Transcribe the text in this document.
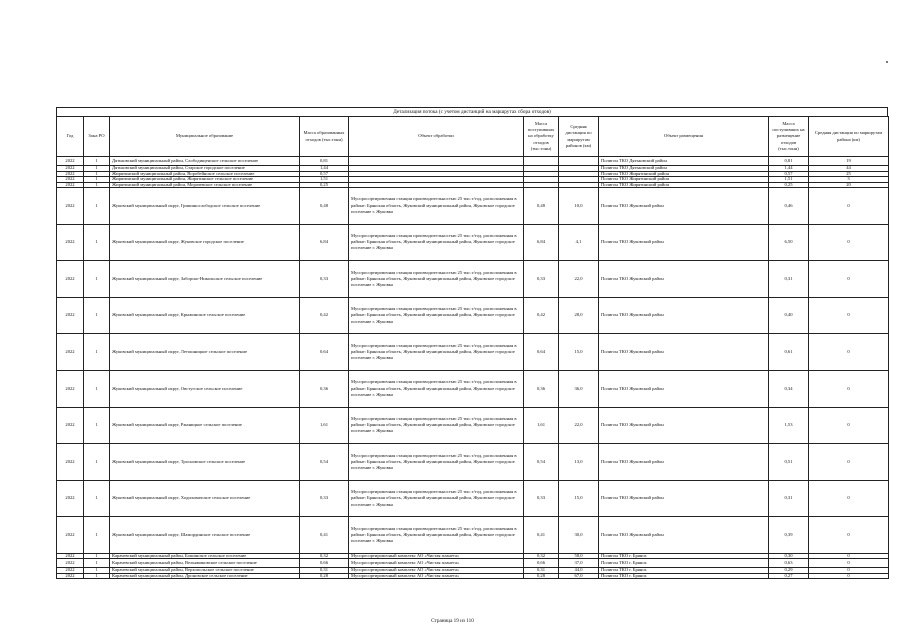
Детализация потока (с учетом дистанций на маршрутах сбора отходов)
Год	Зона РО	Муниципальное образование	Масса образованных отходов (тыс.тонн)	Объект обработки	Масса поступивших на обработку отходов (тыс.тонн)	Средняя дистанция по маршрутам районов (км)	Объект размещения	Масса поступивших на размещение отходов (тыс.тонн)	Средняя дистанция по маршрутам района (км)
2022	1	Дятьковский муниципальный район, Слободищенское сельское поселение	0,81				Полигон ТКО Дятьковский район	0,81	19
2022	1	Дятьковский муниципальный район, Старское городское поселение	1,44				Полигон ТКО Дятьковский район	1,44	44
2022	1	Жирятинский муниципальный район, Воробейнское сельское поселение	0,57				Полигон ТКО Жирятинский район	0,57	25
2022	1	Жирятинский муниципальный район, Жирятинское сельское поселение	1,51				Полигон ТКО Жирятинский район	1,51	3
2022	1	Жирятинский муниципальный район, Морачевское сельское поселение	0,25				Полигон ТКО Жирятинский район	0,25	20
2022	1	Жуковский муниципальный округ, Гришинослободское сельское поселение	0,48	Мусоросортировочная станция производительностью 25 тыс.т/год, расположенная в районе: Брянская область, Жуковский муниципальный район, Жуковское городское поселение г. Жуковка	0,48	10,0	Полигон ТКО Жуковский район	0,46	0
2022	1	Жуковский муниципальный округ, Жуковское городское поселение	6,84	Мусоросортировочная станция производительностью 25 тыс.т/год, расположенная в районе: Брянская область, Жуковский муниципальный район, Жуковское городское поселение г. Жуковка	6,84	4,1	Полигон ТКО Жуковский район	6,50	0
2022	1	Жуковский муниципальный округ, Заборско-Никольское сельское поселение	0,33	Мусоросортировочная станция производительностью 25 тыс.т/год, расположенная в районе: Брянская область, Жуковский муниципальный район, Жуковское городское поселение г. Жуковка	0,33	22,0	Полигон ТКО Жуковский район	0,31	0
2022	1	Жуковский муниципальный округ, Крыжинское сельское поселение	0,42	Мусоросортировочная станция производительностью 25 тыс.т/год, расположенная в районе: Брянская область, Жуковский муниципальный район, Жуковское городское поселение г. Жуковка	0,42	28,0	Полигон ТКО Жуковский район	0,40	0
2022	1	Жуковский муниципальный округ, Летошницкое сельское поселение	0,64	Мусоросортировочная станция производительностью 25 тыс.т/год, расположенная в районе: Брянская область, Жуковский муниципальный район, Жуковское городское поселение г. Жуковка	0,64	15,0	Полигон ТКО Жуковский район	0,61	0
2022	1	Жуковский муниципальный округ, Овстугское сельское поселение	0,36	Мусоросортировочная станция производительностью 25 тыс.т/год, расположенная в районе: Брянская область, Жуковский муниципальный район, Жуковское городское поселение г. Жуковка	0,36	36,0	Полигон ТКО Жуковский район	0,34	0
2022	1	Жуковский муниципальный округ, Ржаницкое сельское поселение	1,61	Мусоросортировочная станция производительностью 25 тыс.т/год, расположенная в районе: Брянская область, Жуковский муниципальный район, Жуковское городское поселение г. Жуковка	1,61	22,0	Полигон ТКО Жуковский район	1,53	0
2022	1	Жуковский муниципальный округ, Тросновское сельское поселение	0,54	Мусоросортировочная станция производительностью 25 тыс.т/год, расположенная в районе: Брянская область, Жуковский муниципальный район, Жуковское городское поселение г. Жуковка	0,54	13,0	Полигон ТКО Жуковский район	0,51	0
2022	1	Жуковский муниципальный округ, Ходиловичское сельское поселение	0,33	Мусоросортировочная станция производительностью 25 тыс.т/год, расположенная в районе: Брянская область, Жуковский муниципальный район, Жуковское городское поселение г. Жуковка	0,33	15,0	Полигон ТКО Жуковский район	0,31	0
2022	1	Жуковский муниципальный округ, Шамординское сельское поселение	0,41	Мусоросортировочная станция производительностью 25 тыс.т/год, расположенная в районе: Брянская область, Жуковский муниципальный район, Жуковское городское поселение г. Жуковка	0,41	30,0	Полигон ТКО Жуковский район	0,39	0
2022	1	Карачевский муниципальный район, Бошинское сельское поселение	0,32	Мусоросортировочный комплекс АО «Чистая планета»	0,32	58,0	Полигон ТКО г. Брянск	0,30	0
2022	1	Карачевский муниципальный район, Вельяминовское сельское поселение	0,66	Мусоросортировочный комплекс АО «Чистая планета»	0,66	37,0	Полигон ТКО г. Брянск	0,63	0
2022	1	Карачевский муниципальный район, Верхопольское сельское поселение	0,31	Мусоросортировочный комплекс АО «Чистая планета»	0,31	44,0	Полигон ТКО г. Брянск	0,29	0
2022	1	Карачевский муниципальный район, Дроновское сельское поселение	0,28	Мусоросортировочный комплекс АО «Чистая планета»	0,28	67,0	Полигон ТКО г. Брянск	0,27	0
Страница 19 из 110
